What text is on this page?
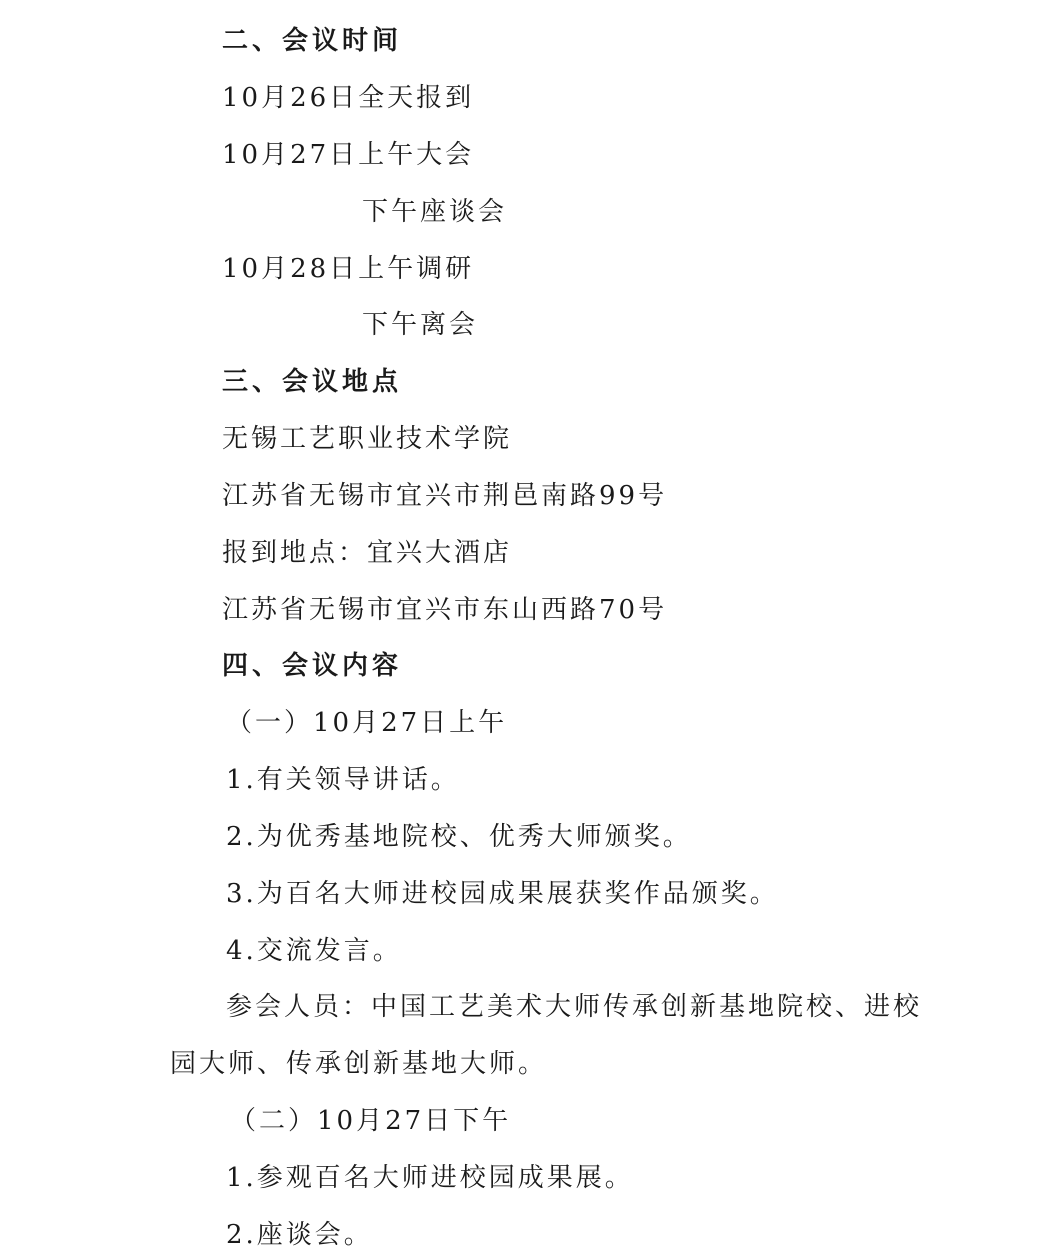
二、会议时间
10月26日全天报到
10月27日上午大会
下午座谈会
10月28日上午调研
下午离会
三、会议地点
无锡工艺职业技术学院
江苏省无锡市宜兴市荆邑南路99号
报到地点：宜兴大酒店
江苏省无锡市宜兴市东山西路70号
四、会议内容
（一）10月27日上午
1.有关领导讲话。
2.为优秀基地院校、优秀大师颁奖。
3.为百名大师进校园成果展获奖作品颁奖。
4.交流发言。
参会人员：中国工艺美术大师传承创新基地院校、进校
园大师、传承创新基地大师。
（二）10月27日下午
1.参观百名大师进校园成果展。
2.座谈会。
